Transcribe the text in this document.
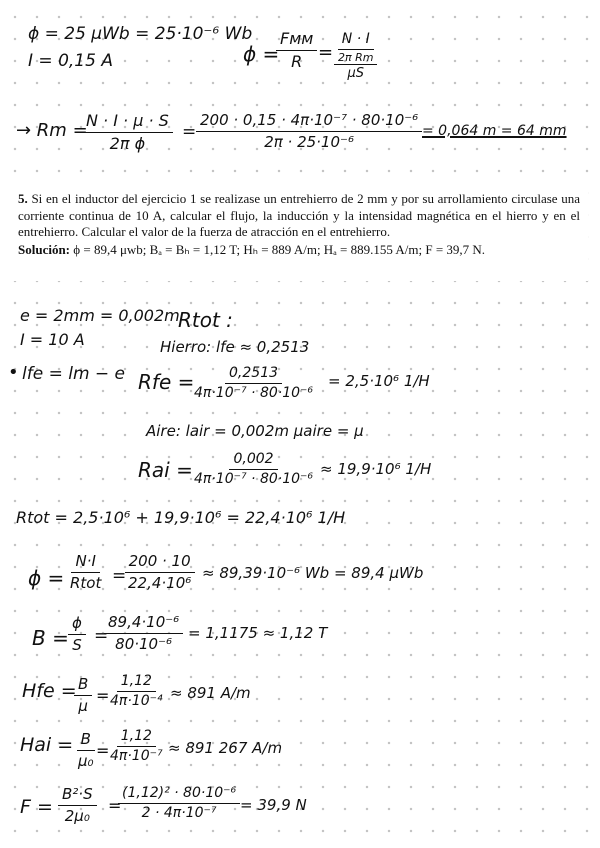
ϕ = 25 μWb = 25·10⁻⁶ Wb
I = 0,15 A	ϕ =
Fмм
R =
N · I
2π Rm
μS
→ Rm =
$\frac{N \cdot I \cdot \mu \cdot S}{\text{2π ϕ}} = \frac{\text{200 · 0,15 · 4π·10⁻⁷ · 80·10⁻⁶}}{\text{2π · 25·10⁻⁶}} = 0,064$ m = 64 mm

5. Si en el inductor del ejercicio 1 se realizase un entrehierro de 2 mm y por su arrollamiento circulase una corriente continua de 10 A, calcular el flujo, la inducción y la intensidad magnética en el hierro y en el entrehierro. Calcular el valor de la fuerza de atracción en el entrehierro.

Solución: ϕ = 89,4 μwb; Bₐ = Bₕ = 1,12 T; Hₕ = 889 A/m; Hₐ = 889.155 A/m; F = 39,7 N.

e = 2mm = 0,002m
I = 10 A
• lfe = lm − e
Rtot :
Hierro: lfe ≈ 0,2513
Rfe =
$\frac{0,2513}{\text{4π·10⁻⁷ · 80·10⁻⁶}} = 2,5\cdot 10^6$ 1/H
Aire: lair = 0,002m μaire = μ
Rai =
$\frac{0,002}{\text{4π·10⁻⁷ · 80·10⁻⁶}} \approx 19,9\cdot 10^6$ 1/H
Rtot = 2,5·10⁶ + 19,9·10⁶ = 22,4·10⁶ 1/H
ϕ =
N·I
Rtot =
$\frac{200 \cdot 10}{\text{22,4·10⁶}} \approx 89,39\cdot 10^{-6}$ Wb = 89,4 μWb
$B = \frac{\phi}{S}$ =
$\frac{\text{89,4·10⁻⁶}}{\text{80·10⁻⁶}} = 1,1175 \approx 1,12$ T
Hfe =
$\frac{B}{\mu}$ =
$\frac{1,12}{\text{4π·10⁻⁴}} \approx 891$ A/m
Hai = $\frac{B}{\text{μ₀}}$
=
$\frac{1,12}{\text{4π·10⁻⁷}} \approx 891$ 267 A/m
$F = \frac{\text{B²·S}}{\text{2μ₀}}$ =
$\frac{\text{(1,12)² · 80·10⁻⁶}}{\text{2 · 4π·10⁻⁷}} = 39,9$ N
